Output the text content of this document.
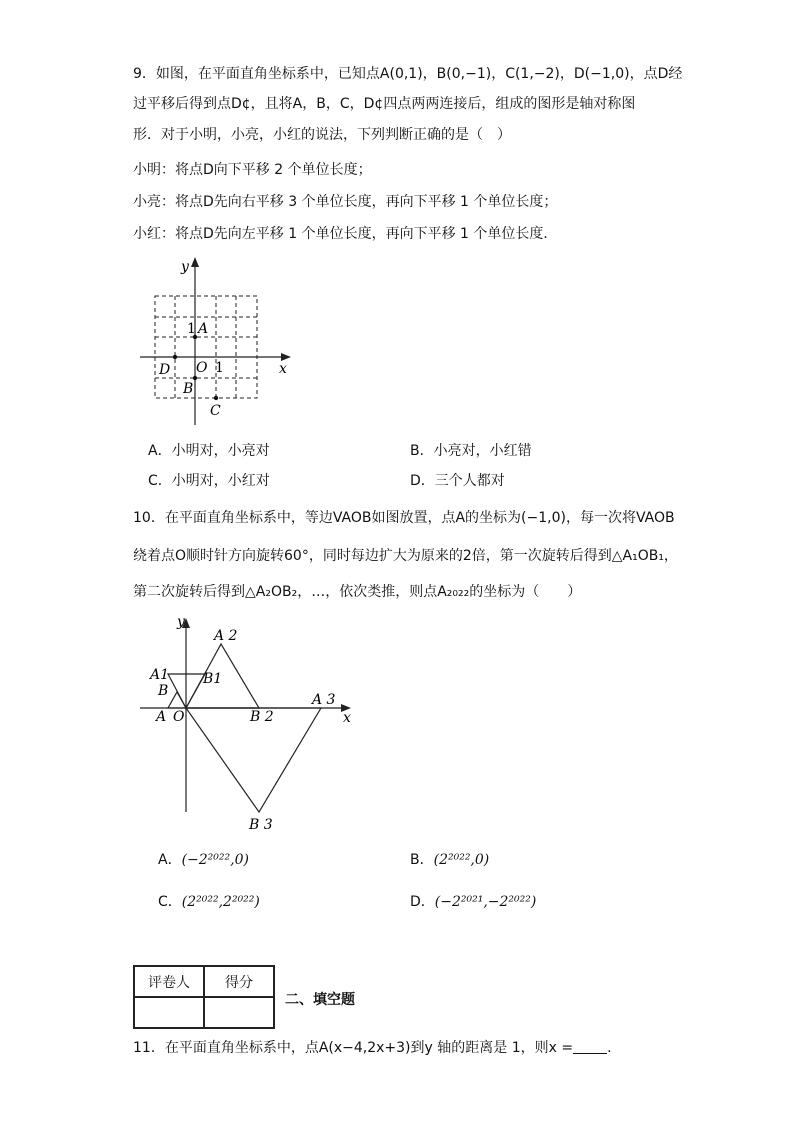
9．如图，在平面直角坐标系中，已知点A(0,1)，B(0,−1)，C(1,−2)，D(−1,0)，点D经
过平移后得到点D¢，且将A，B，C，D¢四点两两连接后，组成的图形是轴对称图
形．对于小明，小亮，小红的说法，下列判断正确的是（　）
小明：将点D向下平移 2 个单位长度；
小亮：将点D先向右平移 3 个单位长度，再向下平移 1 个单位长度；
小红：将点D先向左平移 1 个单位长度，再向下平移 1 个单位长度．
y
x
1 A
O 1
D
B
C
A．小明对，小亮对	B．小亮对，小红错
C．小明对，小红对	D．三个人都对
10．在平面直角坐标系中，等边VAOB如图放置，点A的坐标为(−1,0)，每一次将VAOB
绕着点O顺时针方向旋转60°，同时每边扩大为原来的2倍，第一次旋转后得到△A₁OB₁，
第二次旋转后得到△A₂OB₂，…，依次类推，则点A₂₀₂₂的坐标为（　　）
y
x
A 2
A1 B1
B
A O	B 2
A 3
B 3
A．(−2²⁰²²,0)	B．(2²⁰²²,0)
C．(2²⁰²²,2²⁰²²)	D．(−2²⁰²¹,−2²⁰²²)
评卷人	得分

二、填空题
11．在平面直角坐标系中，点A(x−4,2x+3)到y 轴的距离是 1，则x = .
